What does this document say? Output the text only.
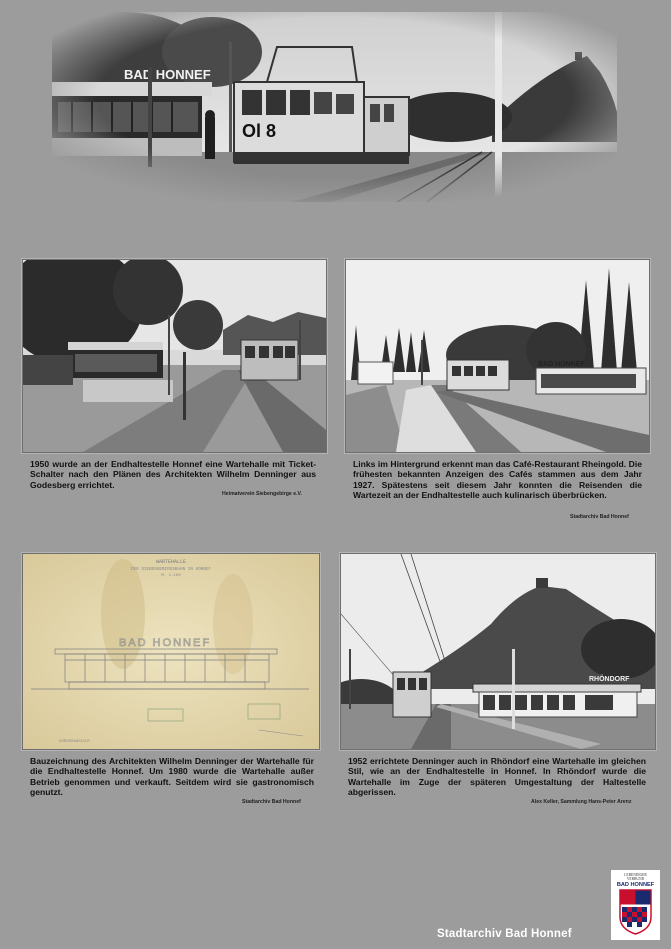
1950 wurde an der Endhaltestelle Honnef eine Wartehalle mit Ticket-Schalter nach den Plänen des Architekten Wilhelm Denninger aus Godesberg errichtet.
Heimatverein Siebengebirge e.V.
BAD HONNEF
Links im Hintergrund erkennt man das Café-Restaurant Rheingold. Die frühesten bekannten Anzeigen des Cafés stammen aus dem Jahr 1927. Spätestens seit diesem Jahr konnten die Reisenden die Wartezeit an der Endhaltestelle auch kulinarisch überbrücken.
Stadtarchiv Bad Honnef
WARTEHALLE
DER SIEBENGEBIRGSBAHN IN HONNEF
M. 1:100
BAD HONNEF
VORDERANSICHT
Bauzeichnung des Architekten Wilhelm Denninger der Wartehalle für die Endhaltestelle Honnef. Um 1980 wurde die Wartehalle außer Betrieb genommen und verkauft. Seitdem wird sie gastronomisch genutzt.
Stadtarchiv Bad Honnef
RHÖNDORF
1952 errichtete Denninger auch in Rhöndorf eine Wartehalle im gleichen Stil, wie an der Endhaltestelle in Honnef. In Rhöndorf wurde die Wartehalle im Zuge der späteren Umgestaltung der Haltestelle abgerissen.
Alex Keller, Sammlung Hans-Peter Arenz
Stadtarchiv Bad Honnef
LEBENDIGER
VERBUND
BAD HONNEF
